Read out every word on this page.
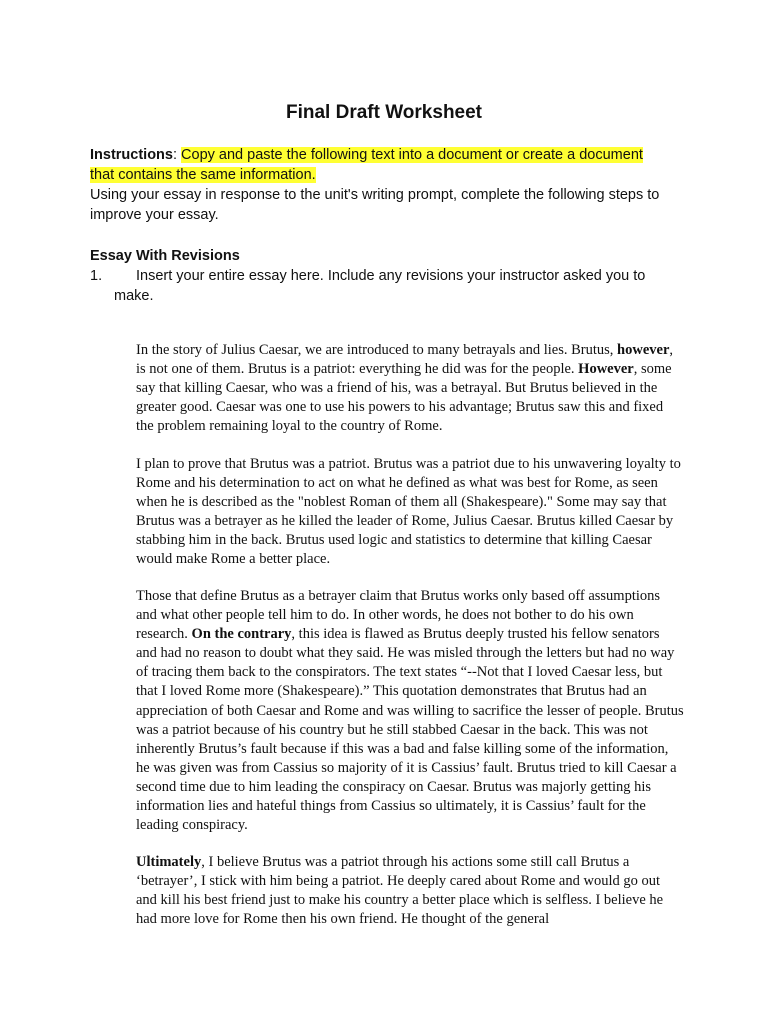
Final Draft Worksheet
Instructions: Copy and paste the following text into a document or create a document
that contains the same information.
Using your essay in response to the unit's writing prompt, complete the following steps to improve your essay.
Essay With Revisions
1. Insert your entire essay here. Include any revisions your instructor asked you to
make.

In the story of Julius Caesar, we are introduced to many betrayals and lies. Brutus, however, is not one of them. Brutus is a patriot: everything he did was for the people. However, some say that killing Caesar, who was a friend of his, was a betrayal. But Brutus believed in the greater good. Caesar was one to use his powers to his advantage; Brutus saw this and fixed the problem remaining loyal to the country of Rome.

I plan to prove that Brutus was a patriot. Brutus was a patriot due to his unwavering loyalty to Rome and his determination to act on what he defined as what was best for Rome, as seen when he is described as the "noblest Roman of them all (Shakespeare)." Some may say that Brutus was a betrayer as he killed the leader of Rome, Julius Caesar. Brutus killed Caesar by stabbing him in the back. Brutus used logic and statistics to determine that killing Caesar would make Rome a better place.

Those that define Brutus as a betrayer claim that Brutus works only based off assumptions and what other people tell him to do. In other words, he does not bother to do his own research. On the contrary, this idea is flawed as Brutus deeply trusted his fellow senators and had no reason to doubt what they said. He was misled through the letters but had no way of tracing them back to the conspirators. The text states “--Not that I loved Caesar less, but that I loved Rome more (Shakespeare).” This quotation demonstrates that Brutus had an appreciation of both Caesar and Rome and was willing to sacrifice the lesser of people. Brutus was a patriot because of his country but he still stabbed Caesar in the back. This was not inherently Brutus’s fault because if this was a bad and false killing some of the information, he was given was from Cassius so majority of it is Cassius’ fault. Brutus tried to kill Caesar a second time due to him leading the conspiracy on Caesar. Brutus was majorly getting his information lies and hateful things from Cassius so ultimately, it is Cassius’ fault for the leading conspiracy.

Ultimately, I believe Brutus was a patriot through his actions some still call Brutus a ‘betrayer’, I stick with him being a patriot. He deeply cared about Rome and would go out and kill his best friend just to make his country a better place which is selfless. I believe he had more love for Rome then his own friend. He thought of the general
